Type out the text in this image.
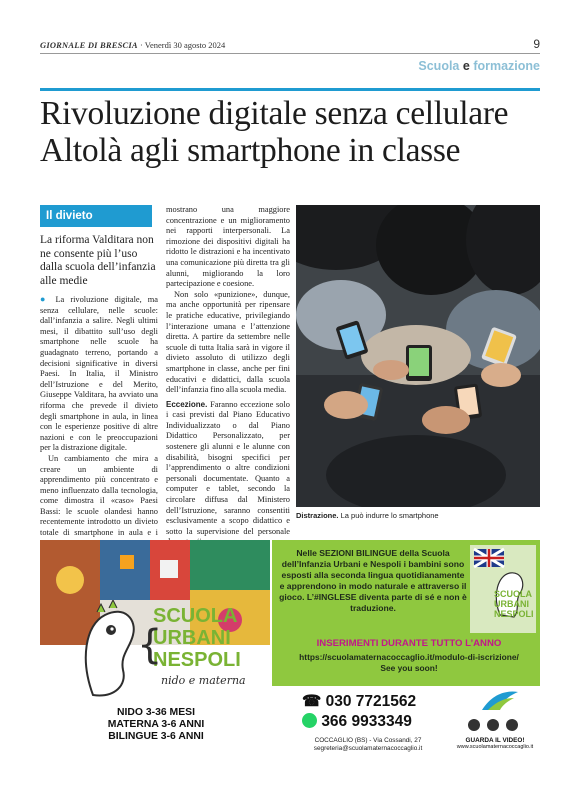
GIORNALE DI BRESCIA · Venerdì 30 agosto 2024	9
Scuola e formazione
Rivoluzione digitale senza cellulare
Altolà agli smartphone in classe
Il divieto
La riforma Valditara non ne consente più l’uso dalla scuola dell’infanzia alle medie

● La rivoluzione digitale, ma senza cellulare, nelle scuole: dall’infanzia a salire. Negli ultimi mesi, il dibattito sull’uso degli smartphone nelle scuole ha guadagnato terreno, portando a decisioni significative in diversi Paesi. In Italia, il Ministro dell’Istruzione e del Merito, Giuseppe Valditara, ha avviato una riforma che prevede il divieto degli smartphone in aula, in linea con le esperienze positive di altre nazioni e con le preoccupazioni per la distrazione digitale.

Un cambiamento che mira a creare un ambiente di apprendimento più concentrato e meno influenzato dalla tecnologia, come dimostra il «caso» Paesi Bassi: le scuole olandesi hanno recentemente introdotto un divieto totale di smartphone in aula e i

mostrano una maggiore concentrazione e un miglioramento nei rapporti interpersonali. La rimozione dei dispositivi digitali ha ridotto le distrazioni e ha incentivato una comunicazione più diretta tra gli alunni, migliorando la loro partecipazione e coesione.

Non solo «punizione», dunque, ma anche opportunità per ripensare le pratiche educative, privilegiando l’interazione umana e l’attenzione diretta. A partire da settembre nelle scuole di tutta Italia sarà in vigore il divieto assoluto di utilizzo degli smartphone in classe, anche per fini educativi e didattici, dalla scuola dell’infanzia fino alla scuola media.

Eccezione. Faranno eccezione solo i casi previsti dal Piano Educativo Individualizzato o dal Piano Didattico Personalizzato, per sostenere gli alunni e le alunne con disabilità, bisogni specifici per l’apprendimento o altre condizioni personali documentate. Quanto a computer e tablet, secondo la circolare diffusa dal Ministero dell’Istruzione, saranno consentiti esclusivamente a scopo didattico e sotto la supervisione del personale

Distrazione. La può indurre lo smartphone
SCUOLA
URBANI
NESPOLI
nido e materna
{
NIDO 3-36 MESI
MATERNA 3-6 ANNI
BILINGUE 3-6 ANNI
Nelle SEZIONI BILINGUE della Scuola dell’Infanzia Urbani e Nespoli i bambini sono esposti alla seconda lingua quotidianamente e apprendono in modo naturale e attraverso il gioco. L’#INGLESE diventa parte di sé e non è traduzione.
SCUOLA
URBANI
NESPOLI
INSERIMENTI DURANTE TUTTO L’ANNO
https://scuolamaternacoccaglio.it/modulo-di-iscrizione/
See you soon!
☎ 030 7721562
366 9933349
COCCAGLIO (BS) - Via Cossandi, 27
segreteria@scuolamaternacoccaglio.it

GUARDA IL VIDEO!
www.scuolamaternacoccaglio.it
